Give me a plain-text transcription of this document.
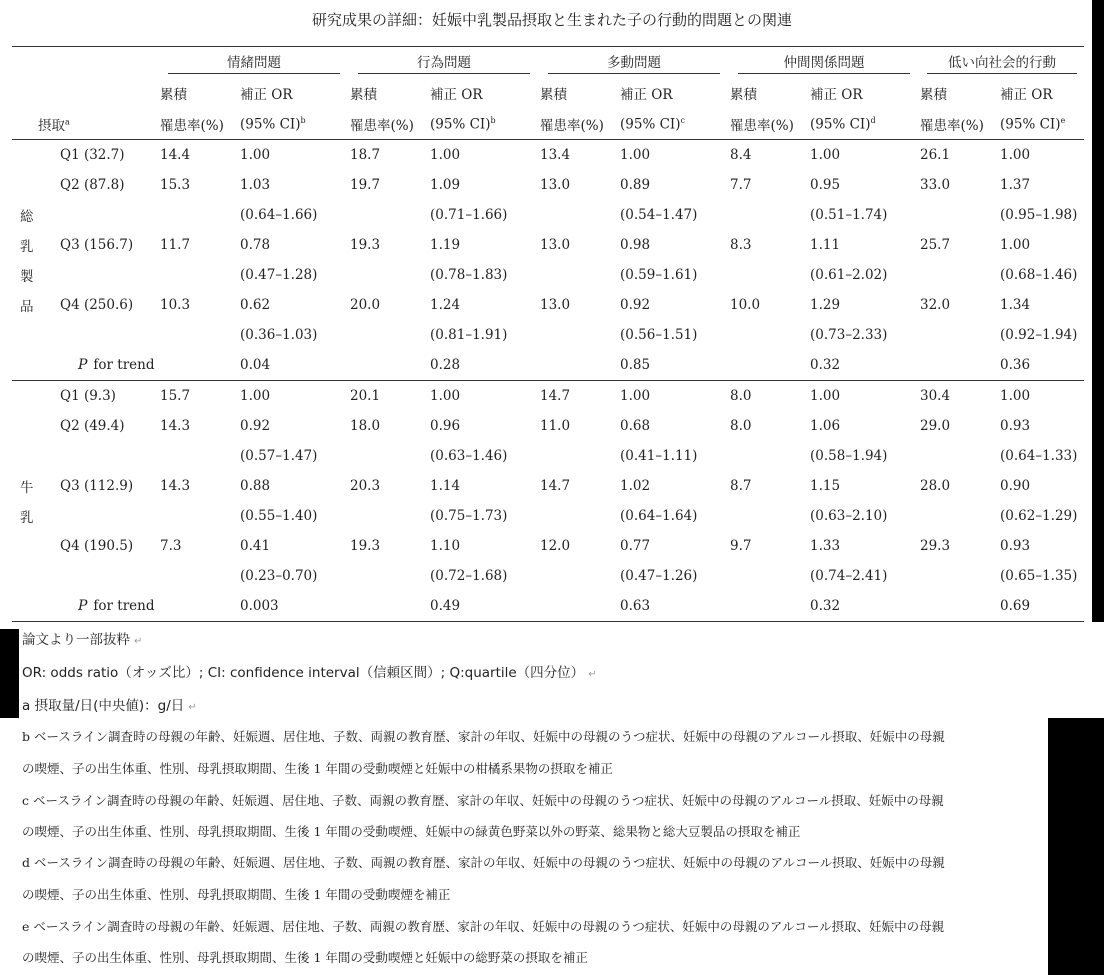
研究成果の詳細：妊娠中乳製品摂取と生まれた子の行動的問題との関連
		情緒問題		行為問題		多動問題		仲間関係問題		低い向社会的行動	
		累積	補正 OR	累積	補正 OR	累積	補正 OR	累積	補正 OR	累積	補正 OR
摂取$^a$		罹患率(%)	(95% CI)$^b$	罹患率(%)	(95% CI)$^b$	罹患率(%)	(95% CI)$^c$	罹患率(%)	(95% CI)$^d$	罹患率(%)	(95% CI)$^e$
	Q1 (32.7)	14.4	1.00	18.7	1.00	13.4	1.00	8.4	1.00	26.1	1.00
	Q2 (87.8)	15.3	1.03	19.7	1.09	13.0	0.89	7.7	0.95	33.0	1.37
総			(0.64–1.66)		(0.71–1.66)		(0.54–1.47)		(0.51–1.74)		(0.95–1.98)
乳	Q3 (156.7)	11.7	0.78	19.3	1.19	13.0	0.98	8.3	1.11	25.7	1.00
製			(0.47–1.28)		(0.78–1.83)		(0.59–1.61)		(0.61–2.02)		(0.68–1.46)
品	Q4 (250.6)	10.3	0.62	20.0	1.24	13.0	0.92	10.0	1.29	32.0	1.34
			(0.36–1.03)		(0.81–1.91)		(0.56–1.51)		(0.73–2.33)		(0.92–1.94)
	P for trend		0.04		0.28		0.85		0.32		0.36
	Q1 (9.3)	15.7	1.00	20.1	1.00	14.7	1.00	8.0	1.00	30.4	1.00
	Q2 (49.4)	14.3	0.92	18.0	0.96	11.0	0.68	8.0	1.06	29.0	0.93
			(0.57–1.47)		(0.63–1.46)		(0.41–1.11)		(0.58–1.94)		(0.64–1.33)
牛	Q3 (112.9)	14.3	0.88	20.3	1.14	14.7	1.02	8.7	1.15	28.0	0.90
乳			(0.55–1.40)		(0.75–1.73)		(0.64–1.64)		(0.63–2.10)		(0.62–1.29)
	Q4 (190.5)	7.3	0.41	19.3	1.10	12.0	0.77	9.7	1.33	29.3	0.93
			(0.23–0.70)		(0.72–1.68)		(0.47–1.26)		(0.74–2.41)		(0.65–1.35)
	P for trend		0.003		0.49		0.63		0.32		0.69
論文より一部抜粋 ↵
OR: odds ratio（オッズ比）; CI: confidence interval（信頼区間）; Q:quartile（四分位） ↵
a 摂取量/日(中央値)：g/日 ↵
b ベースライン調査時の母親の年齢、妊娠週、居住地、子数、両親の教育歴、家計の年収、妊娠中の母親のうつ症状、妊娠中の母親のアルコール摂取、妊娠中の母親
の喫煙、子の出生体重、性別、母乳摂取期間、生後 1 年間の受動喫煙と妊娠中の柑橘系果物の摂取を補正
c ベースライン調査時の母親の年齢、妊娠週、居住地、子数、両親の教育歴、家計の年収、妊娠中の母親のうつ症状、妊娠中の母親のアルコール摂取、妊娠中の母親
の喫煙、子の出生体重、性別、母乳摂取期間、生後 1 年間の受動喫煙、妊娠中の緑黄色野菜以外の野菜、総果物と総大豆製品の摂取を補正
d ベースライン調査時の母親の年齢、妊娠週、居住地、子数、両親の教育歴、家計の年収、妊娠中の母親のうつ症状、妊娠中の母親のアルコール摂取、妊娠中の母親
の喫煙、子の出生体重、性別、母乳摂取期間、生後 1 年間の受動喫煙を補正
e ベースライン調査時の母親の年齢、妊娠週、居住地、子数、両親の教育歴、家計の年収、妊娠中の母親のうつ症状、妊娠中の母親のアルコール摂取、妊娠中の母親
の喫煙、子の出生体重、性別、母乳摂取期間、生後 1 年間の受動喫煙と妊娠中の総野菜の摂取を補正
